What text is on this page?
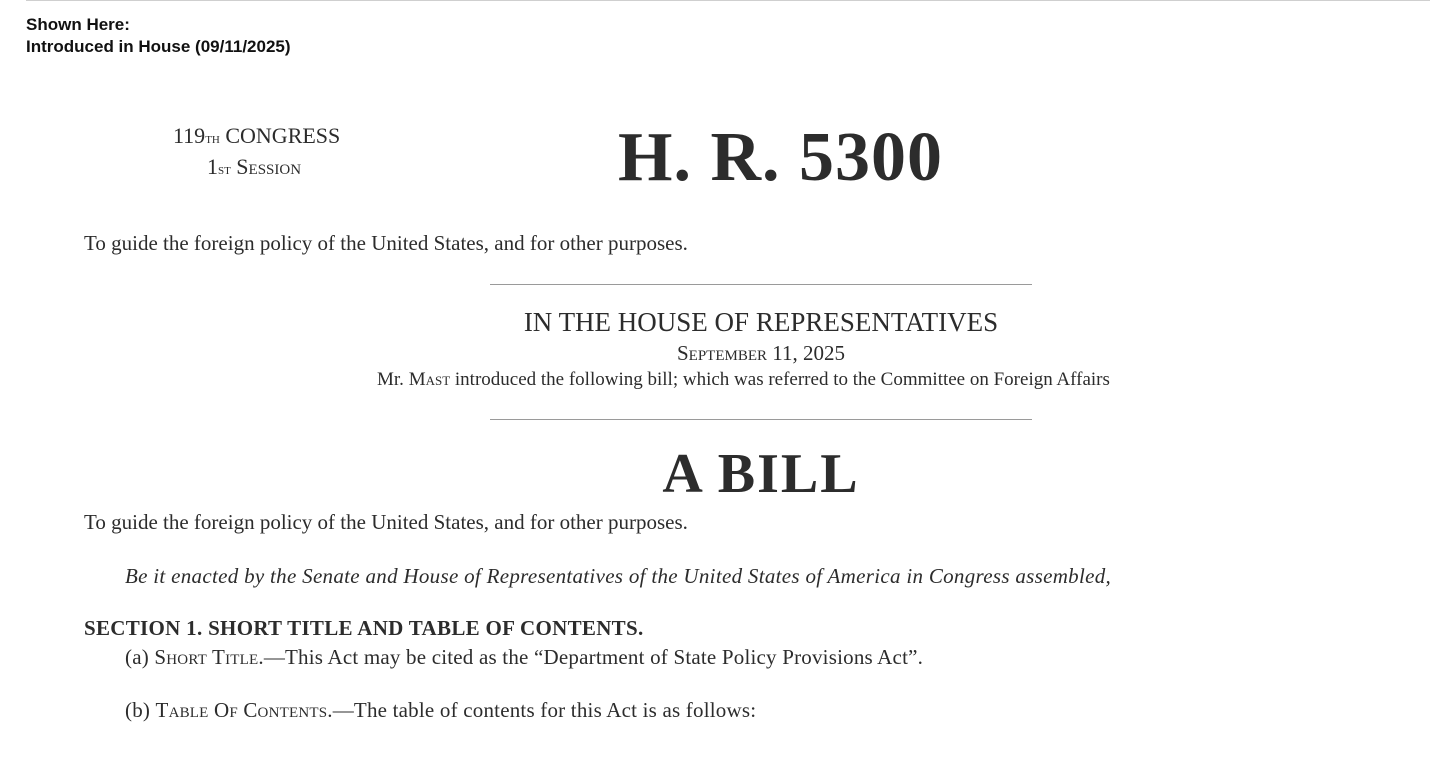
Shown Here:
Introduced in House (09/11/2025)
119th CONGRESS
1st Session	H. R. 5300
To guide the foreign policy of the United States, and for other purposes.
IN THE HOUSE OF REPRESENTATIVES
September 11, 2025
Mr. Mast introduced the following bill; which was referred to the Committee on Foreign Affairs
A BILL
To guide the foreign policy of the United States, and for other purposes.
Be it enacted by the Senate and House of Representatives of the United States of America in Congress assembled,
SECTION 1. SHORT TITLE AND TABLE OF CONTENTS.
(a) Short Title.—This Act may be cited as the “Department of State Policy Provisions Act”.
(b) Table Of Contents.—The table of contents for this Act is as follows:
